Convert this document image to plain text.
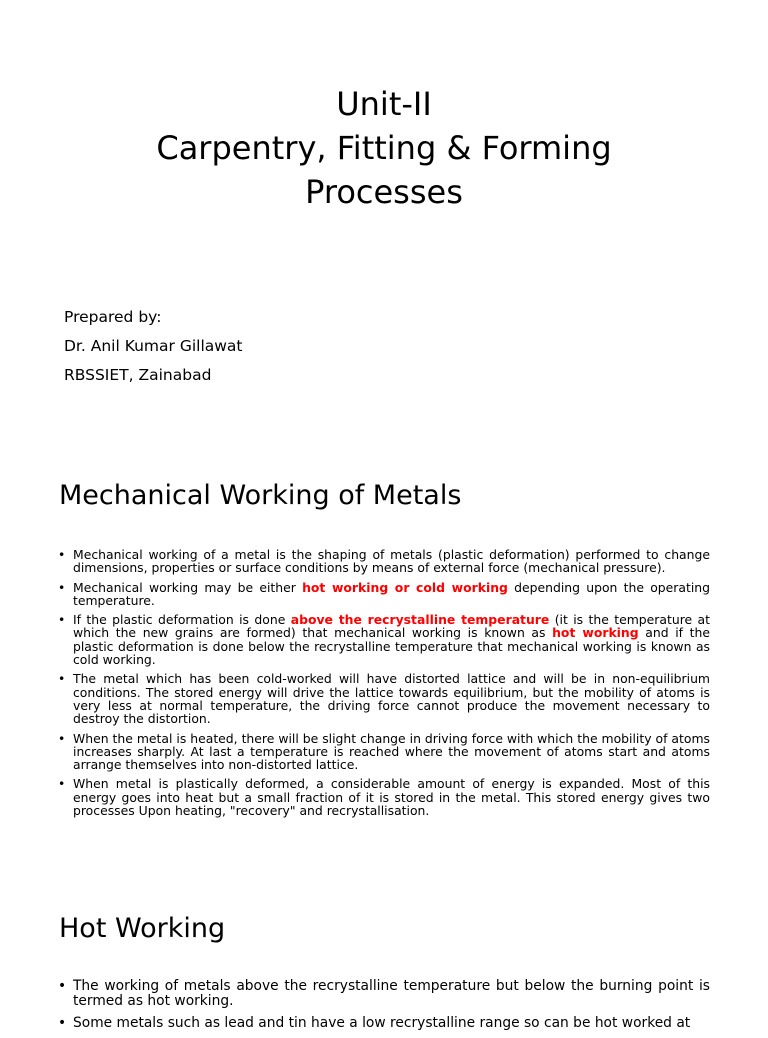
Unit-II
Carpentry, Fitting & Forming
Processes
Prepared by:
Dr. Anil Kumar Gillawat
RBSSIET, Zainabad
Mechanical Working of Metals
• Mechanical working of a metal is the shaping of metals (plastic deformation) performed to change dimensions, properties or surface conditions by means of external force (mechanical pressure).
• Mechanical working may be either hot working or cold working depending upon the operating temperature.
• If the plastic deformation is done above the recrystalline temperature (it is the temperature at which the new grains are formed) that mechanical working is known as hot working and if the plastic deformation is done below the recrystalline temperature that mechanical working is known as cold working.
• The metal which has been cold-worked will have distorted lattice and will be in non-equilibrium conditions. The stored energy will drive the lattice towards equilibrium, but the mobility of atoms is very less at normal temperature, the driving force cannot produce the movement necessary to destroy the distortion.
• When the metal is heated, there will be slight change in driving force with which the mobility of atoms increases sharply. At last a temperature is reached where the movement of atoms start and atoms arrange themselves into non-distorted lattice.
• When metal is plastically deformed, a considerable amount of energy is expanded. Most of this energy goes into heat but a small fraction of it is stored in the metal. This stored energy gives two processes Upon heating, "recovery" and recrystallisation.
Hot Working
• The working of metals above the recrystalline temperature but below the burning point is termed as hot working.
• Some metals such as lead and tin have a low recrystalline range so can be hot worked at
